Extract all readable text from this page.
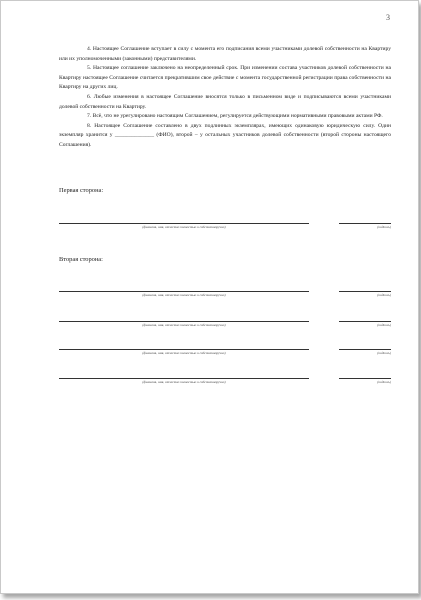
3

4. Настоящее Соглашение вступает в силу с момента его подписания всеми участниками долевой собственности на Квартиру или их уполномоченными (законными) представителями.

5. Настоящее соглашение заключено на неопределенный срок. При изменении состава участников долевой собственности на Квартиру настоящее Соглашение считается прекратившим свое действие с момента государственной регистрации права собственности на Квартиру на других лиц.

6. Любые изменения в настоящее Соглашение вносятся только в письменном виде и подписываются всеми участниками долевой собственности на Квартиру.

7. Всё, что не урегулировано настоящим Соглашением, регулируется действующими нормативными правовыми актами РФ.

8. Настоящее Соглашение составлено в двух подлинных экземплярах, имеющих одинаковую юридическую силу. Один экземпляр хранится у ______________ (ФИО), второй – у остальных участников долевой собственности (второй стороны настоящего Соглашения).

Первая сторона:
(фамилия, имя, отчество полностью и собственноручно)	(подпись)
Вторая сторона:
(фамилия, имя, отчество полностью и собственноручно)	(подпись)
(фамилия, имя, отчество полностью и собственноручно)	(подпись)
(фамилия, имя, отчество полностью и собственноручно)	(подпись)
(фамилия, имя, отчество полностью и собственноручно)	(подпись)
